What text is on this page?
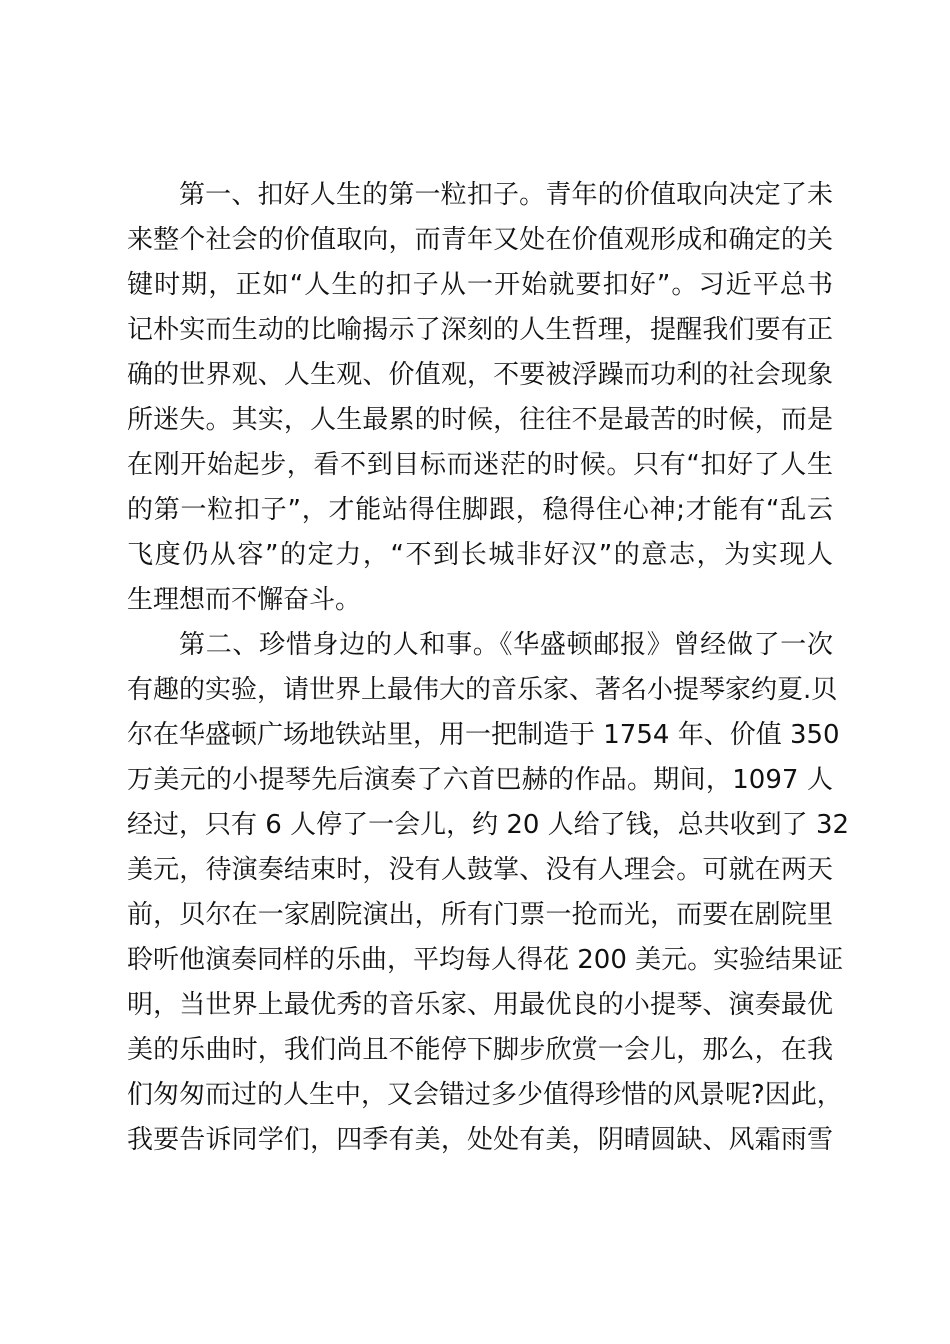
第一、扣好人生的第一粒扣子。青年的价值取向决定了未
来整个社会的价值取向，而青年又处在价值观形成和确定的关
键时期，正如“人生的扣子从一开始就要扣好”。习近平总书
记朴实而生动的比喻揭示了深刻的人生哲理，提醒我们要有正
确的世界观、人生观、价值观，不要被浮躁而功利的社会现象
所迷失。其实，人生最累的时候，往往不是最苦的时候，而是
在刚开始起步，看不到目标而迷茫的时候。只有“扣好了人生
的第一粒扣子”，才能站得住脚跟，稳得住心神;才能有“乱云
飞度仍从容”的定力，“不到长城非好汉”的意志，为实现人
生理想而不懈奋斗。
第二、珍惜身边的人和事。《华盛顿邮报》曾经做了一次
有趣的实验，请世界上最伟大的音乐家、著名小提琴家约夏.贝
尔在华盛顿广场地铁站里，用一把制造于 1754 年、价值 350
万美元的小提琴先后演奏了六首巴赫的作品。期间，1097 人
经过，只有 6 人停了一会儿，约 20 人给了钱，总共收到了 32
美元，待演奏结束时，没有人鼓掌、没有人理会。可就在两天
前，贝尔在一家剧院演出，所有门票一抢而光，而要在剧院里
聆听他演奏同样的乐曲，平均每人得花 200 美元。实验结果证
明，当世界上最优秀的音乐家、用最优良的小提琴、演奏最优
美的乐曲时，我们尚且不能停下脚步欣赏一会儿，那么，在我
们匆匆而过的人生中，又会错过多少值得珍惜的风景呢?因此，
我要告诉同学们，四季有美，处处有美，阴晴圆缺、风霜雨雪
